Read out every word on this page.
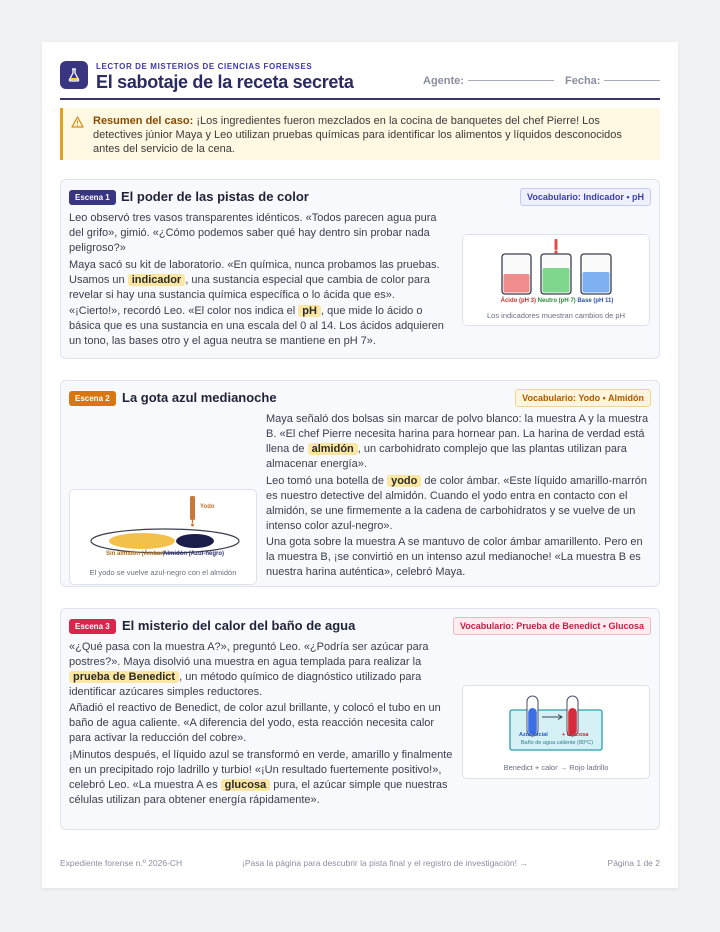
LECTOR DE MISTERIOS DE CIENCIAS FORENSES
El sabotaje de la receta secreta	Agente:	Fecha:
Resumen del caso: ¡Los ingredientes fueron mezclados en la cocina de banquetes del chef Pierre! Los detectives júnior Maya y Leo utilizan pruebas químicas para identificar los alimentos y líquidos desconocidos antes del servicio de la cena.
Escena 1 El poder de las pistas de color	Vocabulario: Indicador • pH
Leo observó tres vasos transparentes idénticos. «Todos parecen agua pura del grifo», gimió. «¿Cómo podemos saber qué hay dentro sin probar nada peligroso?»
Maya sacó su kit de laboratorio. «En química, nunca probamos las pruebas. Usamos un indicador , una sustancia especial que cambia de color para revelar si hay una sustancia química específica o lo ácida que es».
«¡Cierto!», recordó Leo. «El color nos indica el pH , que mide lo ácido o básica que es una sustancia en una escala del 0 al 14. Los ácidos adquieren un tono, las bases otro y el agua neutra se mantiene en pH 7».
Ácido (pH 3) Neutro (pH 7) Base (pH 11)
Los indicadores muestran cambios de pH
Escena 2 La gota azul medianoche	Vocabulario: Yodo • Almidón
Yodo
Sin almidón (Ámbar)
Almidón (Azul-negro)
El yodo se vuelve azul-negro con el almidón
Maya señaló dos bolsas sin marcar de polvo blanco: la muestra A y la muestra B. «El chef Pierre necesita harina para hornear pan. La harina de verdad está llena de almidón , un carbohidrato complejo que las plantas utilizan para almacenar energía».
Leo tomó una botella de yodo de color ámbar. «Este líquido amarillo-marrón es nuestro detective del almidón. Cuando el yodo entra en contacto con el almidón, se une firmemente a la cadena de carbohidratos y se vuelve de un intenso color azul-negro».
Una gota sobre la muestra A se mantuvo de color ámbar amarillento. Pero en la muestra B, ¡se convirtió en un intenso azul medianoche! «La muestra B es nuestra harina auténtica», celebró Maya.
Escena 3 El misterio del calor del baño de agua	Vocabulario: Prueba de Benedict • Glucosa
«¿Qué pasa con la muestra A?», preguntó Leo. «¿Podría ser azúcar para postres?». Maya disolvió una muestra en agua templada para realizar la prueba de Benedict , un método químico de diagnóstico utilizado para identificar azúcares simples reductores.
Añadió el reactivo de Benedict, de color azul brillante, y colocó el tubo en un baño de agua caliente. «A diferencia del yodo, esta reacción necesita calor para activar la reducción del cobre».
¡Minutos después, el líquido azul se transformó en verde, amarillo y finalmente en un precipitado rojo ladrillo y turbio! «¡Un resultado fuertemente positivo!», celebró Leo. «La muestra A es glucosa pura, el azúcar simple que nuestras células utilizan para obtener energía rápidamente».
Azul inicial	+ Glucosa
Baño de agua caliente (80°C)
Benedict + calor → Rojo ladrillo
Expediente forense n.º 2026-CH	¡Pasa la página para descubrir la pista final y el registro de investigación! →	Página 1 de 2
